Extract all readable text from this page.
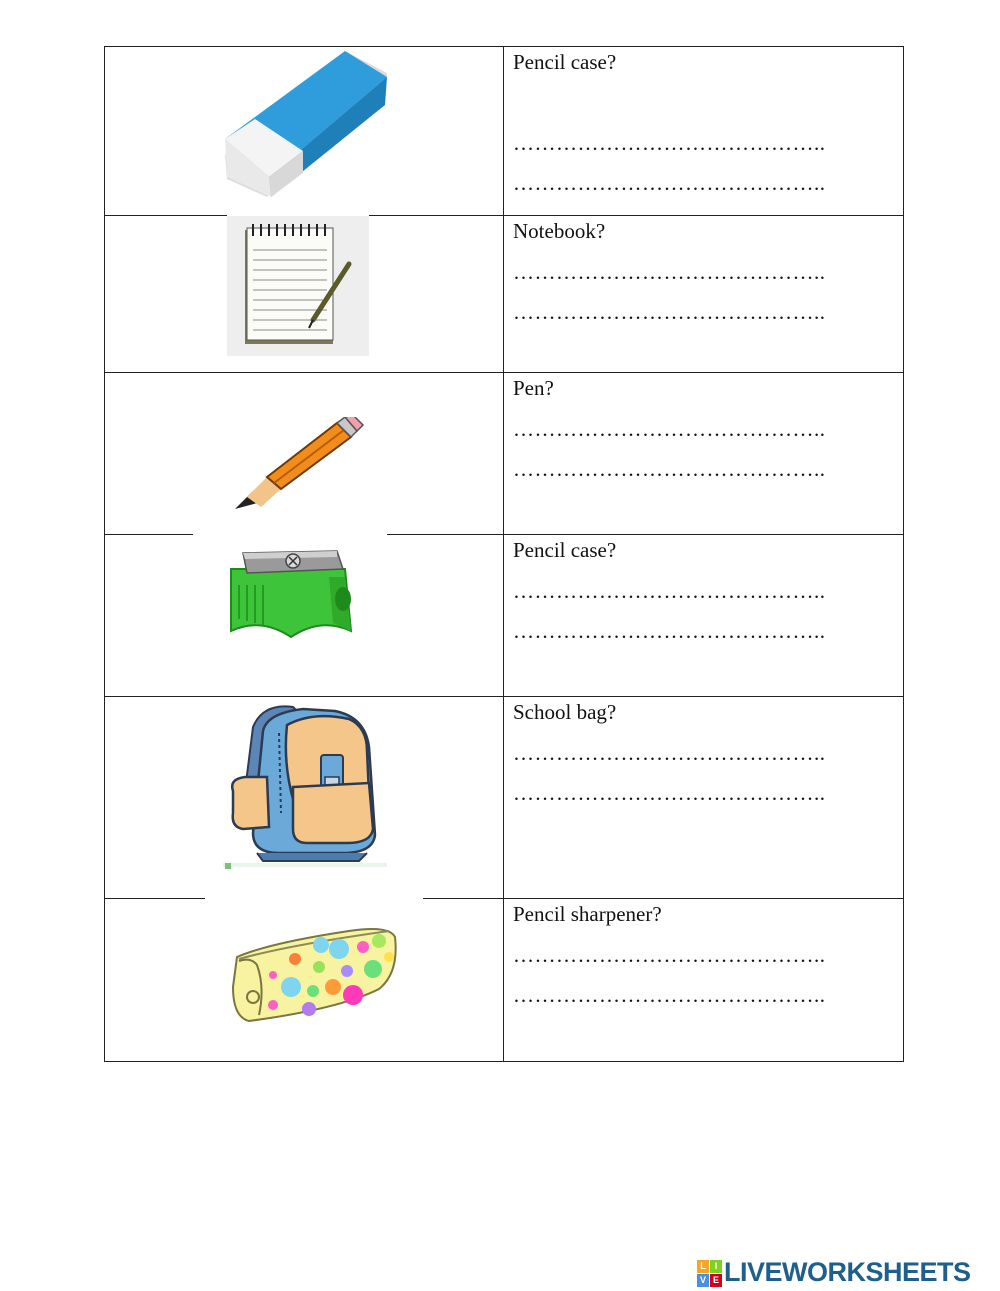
Pencil case?
……………………………………..
……………………………………..
Notebook?
……………………………………..
……………………………………..
Pen?
……………………………………..
……………………………………..
Pencil case?
……………………………………..
……………………………………..
School bag?
……………………………………..
……………………………………..
Pencil sharpener?
……………………………………..
……………………………………..
L I
V E LIVEWORKSHEETS
